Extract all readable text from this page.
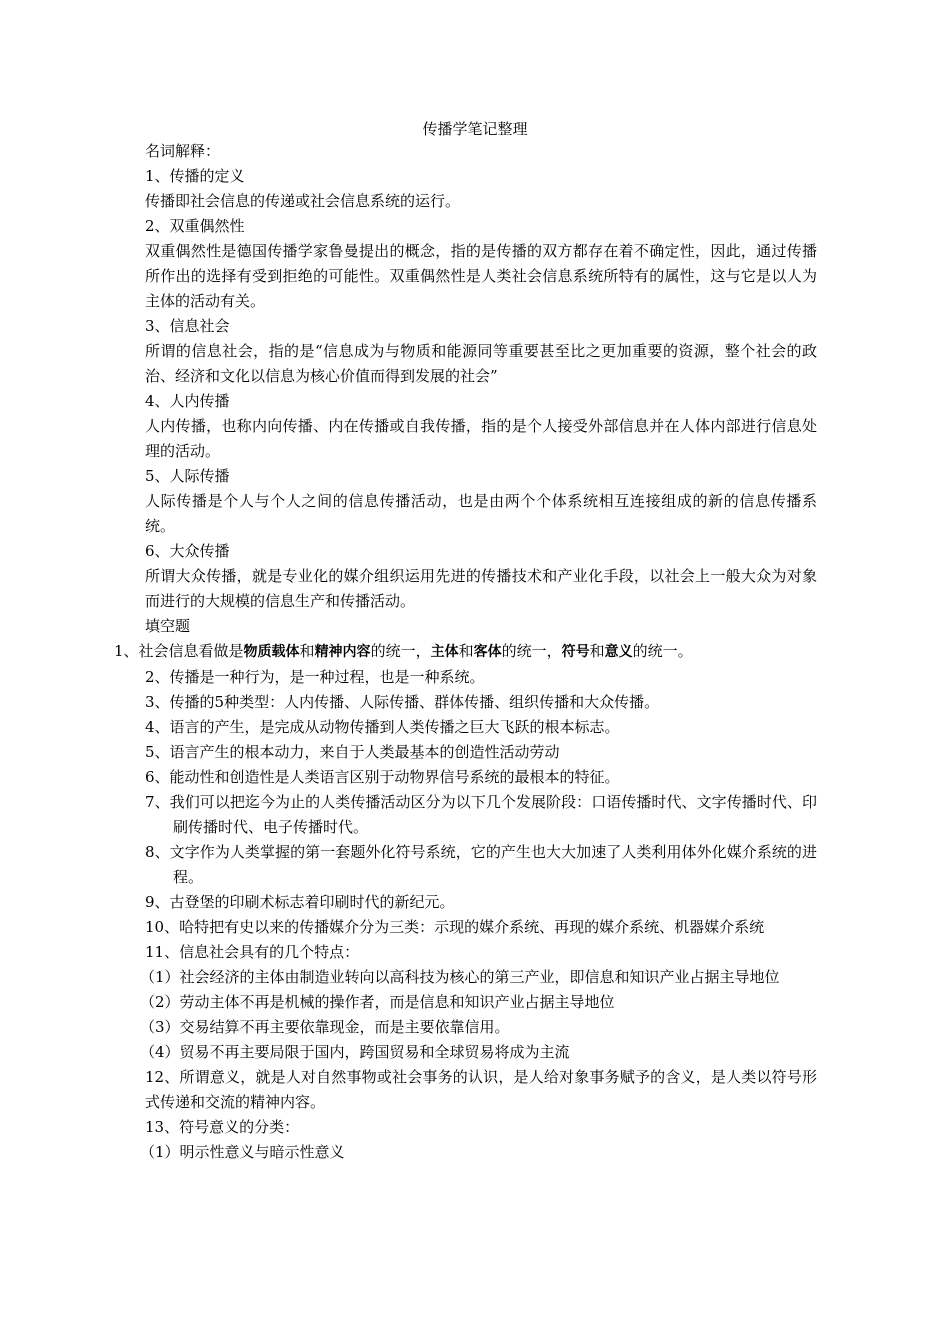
传播学笔记整理

名词解释：

1、传播的定义

传播即社会信息的传递或社会信息系统的运行。

2、双重偶然性

双重偶然性是德国传播学家鲁曼提出的概念，指的是传播的双方都存在着不确定性，因此，通过传播所作出的选择有受到拒绝的可能性。双重偶然性是人类社会信息系统所特有的属性，这与它是以人为主体的活动有关。

3、信息社会

所谓的信息社会，指的是“信息成为与物质和能源同等重要甚至比之更加重要的资源，整个社会的政治、经济和文化以信息为核心价值而得到发展的社会”

4、人内传播

人内传播，也称内向传播、内在传播或自我传播，指的是个人接受外部信息并在人体内部进行信息处理的活动。

5、人际传播

人际传播是个人与个人之间的信息传播活动，也是由两个个体系统相互连接组成的新的信息传播系统。

6、大众传播

所谓大众传播，就是专业化的媒介组织运用先进的传播技术和产业化手段，以社会上一般大众为对象而进行的大规模的信息生产和传播活动。

填空题

1、社会信息看做是物质载体和精神内容的统一，主体和客体的统一，符号和意义的统一。

2、传播是一种行为，是一种过程，也是一种系统。

3、传播的5种类型：人内传播、人际传播、群体传播、组织传播和大众传播。

4、语言的产生，是完成从动物传播到人类传播之巨大飞跃的根本标志。

5、语言产生的根本动力，来自于人类最基本的创造性活动劳动

6、能动性和创造性是人类语言区别于动物界信号系统的最根本的特征。

7、我们可以把迄今为止的人类传播活动区分为以下几个发展阶段：口语传播时代、文字传播时代、印刷传播时代、电子传播时代。

8、文字作为人类掌握的第一套题外化符号系统，它的产生也大大加速了人类利用体外化媒介系统的进程。

9、古登堡的印刷术标志着印刷时代的新纪元。

10、哈特把有史以来的传播媒介分为三类：示现的媒介系统、再现的媒介系统、机器媒介系统

11、信息社会具有的几个特点：

（1）社会经济的主体由制造业转向以高科技为核心的第三产业，即信息和知识产业占据主导地位

（2）劳动主体不再是机械的操作者，而是信息和知识产业占据主导地位

（3）交易结算不再主要依靠现金，而是主要依靠信用。

（4）贸易不再主要局限于国内，跨国贸易和全球贸易将成为主流

12、所谓意义，就是人对自然事物或社会事务的认识，是人给对象事务赋予的含义，是人类以符号形式传递和交流的精神内容。

13、符号意义的分类：

（1）明示性意义与暗示性意义
